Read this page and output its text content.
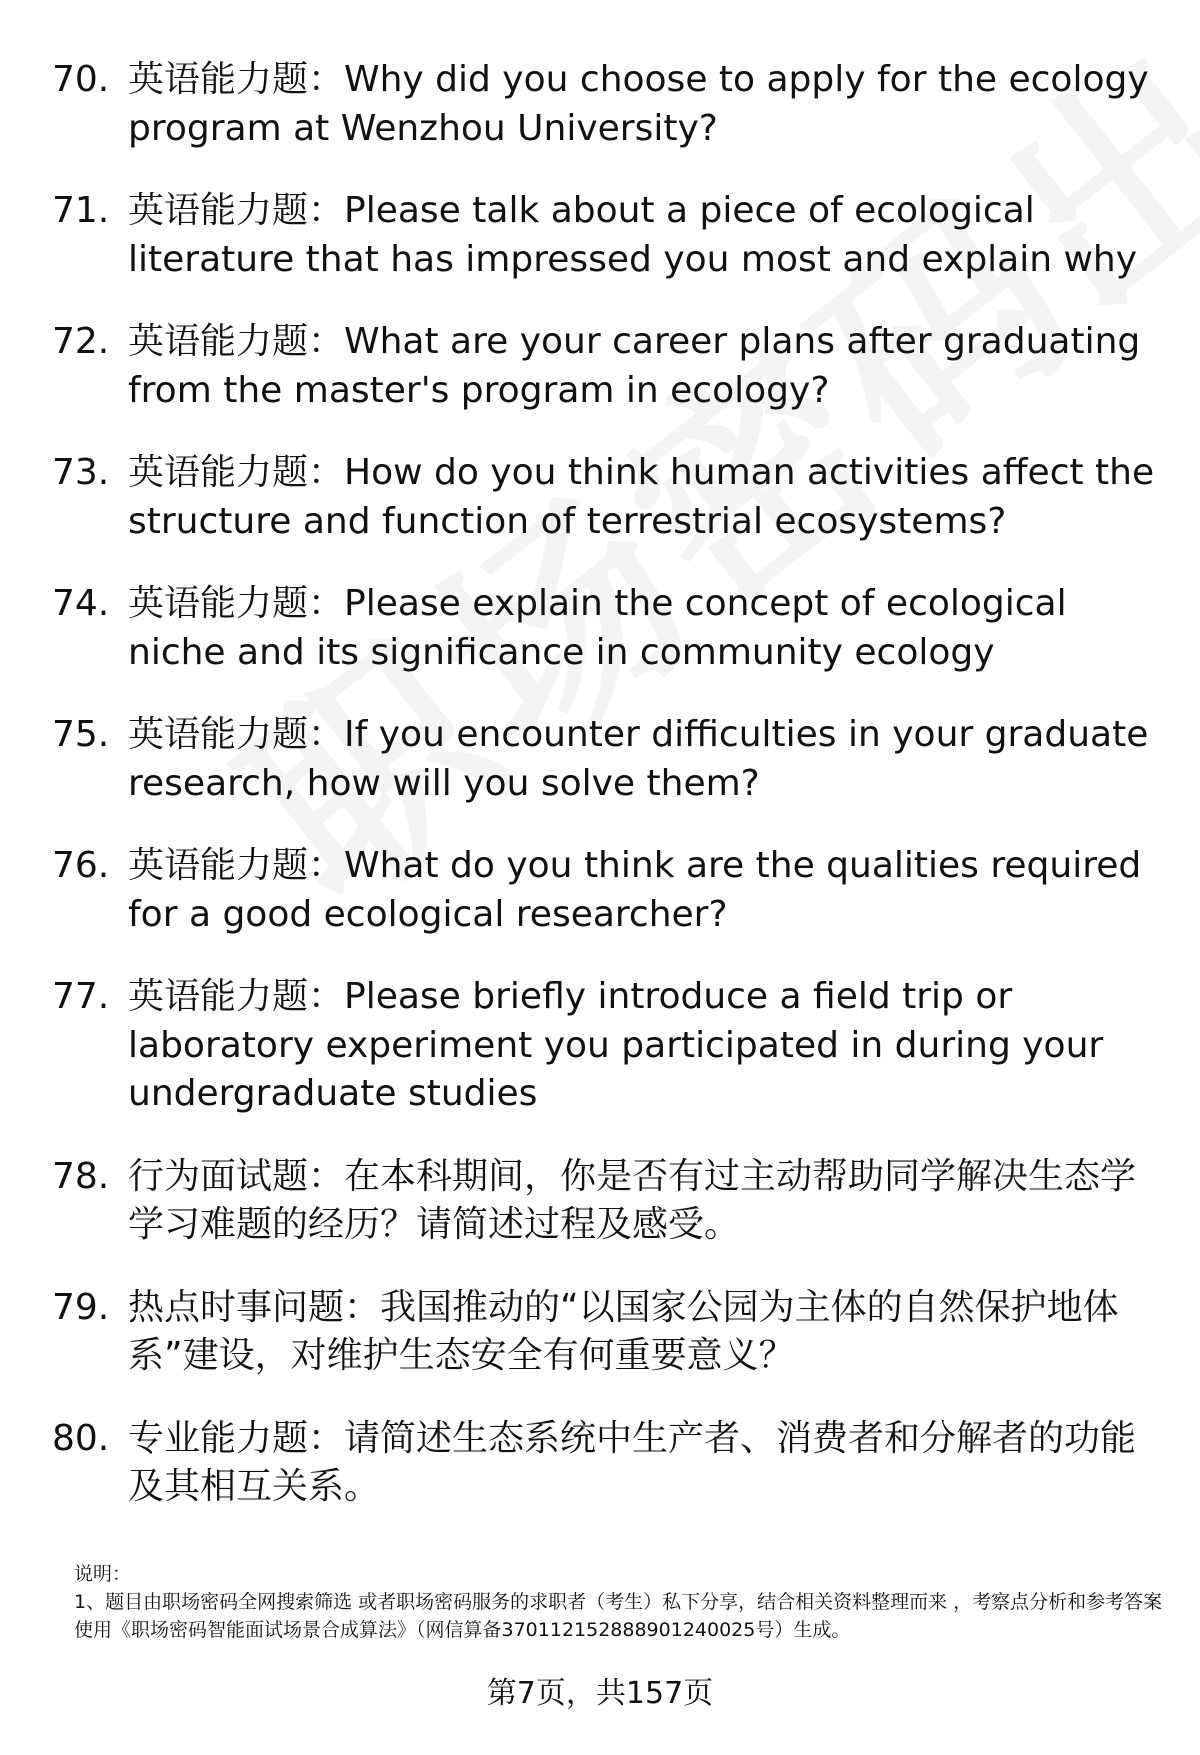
70. 英语能力题：Why did you choose to apply for the ecology program at Wenzhou University?
71. 英语能力题：Please talk about a piece of ecological literature that has impressed you most and explain why
72. 英语能力题：What are your career plans after graduating from the master's program in ecology?
73. 英语能力题：How do you think human activities affect the structure and function of terrestrial ecosystems?
74. 英语能力题：Please explain the concept of ecological niche and its significance in community ecology
75. 英语能力题：If you encounter difficulties in your graduate research, how will you solve them?
76. 英语能力题：What do you think are the qualities required for a good ecological researcher?
77. 英语能力题：Please briefly introduce a field trip or laboratory experiment you participated in during your undergraduate studies
78. 行为面试题：在本科期间，你是否有过主动帮助同学解决生态学学习难题的经历？请简述过程及感受。
79. 热点时事问题：我国推动的“以国家公园为主体的自然保护地体系”建设，对维护生态安全有何重要意义？
80. 专业能力题：请简述生态系统中生产者、消费者和分解者的功能及其相互关系。

说明：

1、题目由职场密码全网搜索筛选 或者职场密码服务的求职者（考生）私下分享，结合相关资料整理而来 ，考察点分析和参考答案使用《职场密码智能面试场景合成算法》（网信算备370112152888901240025号）生成。

第7页，共157页
